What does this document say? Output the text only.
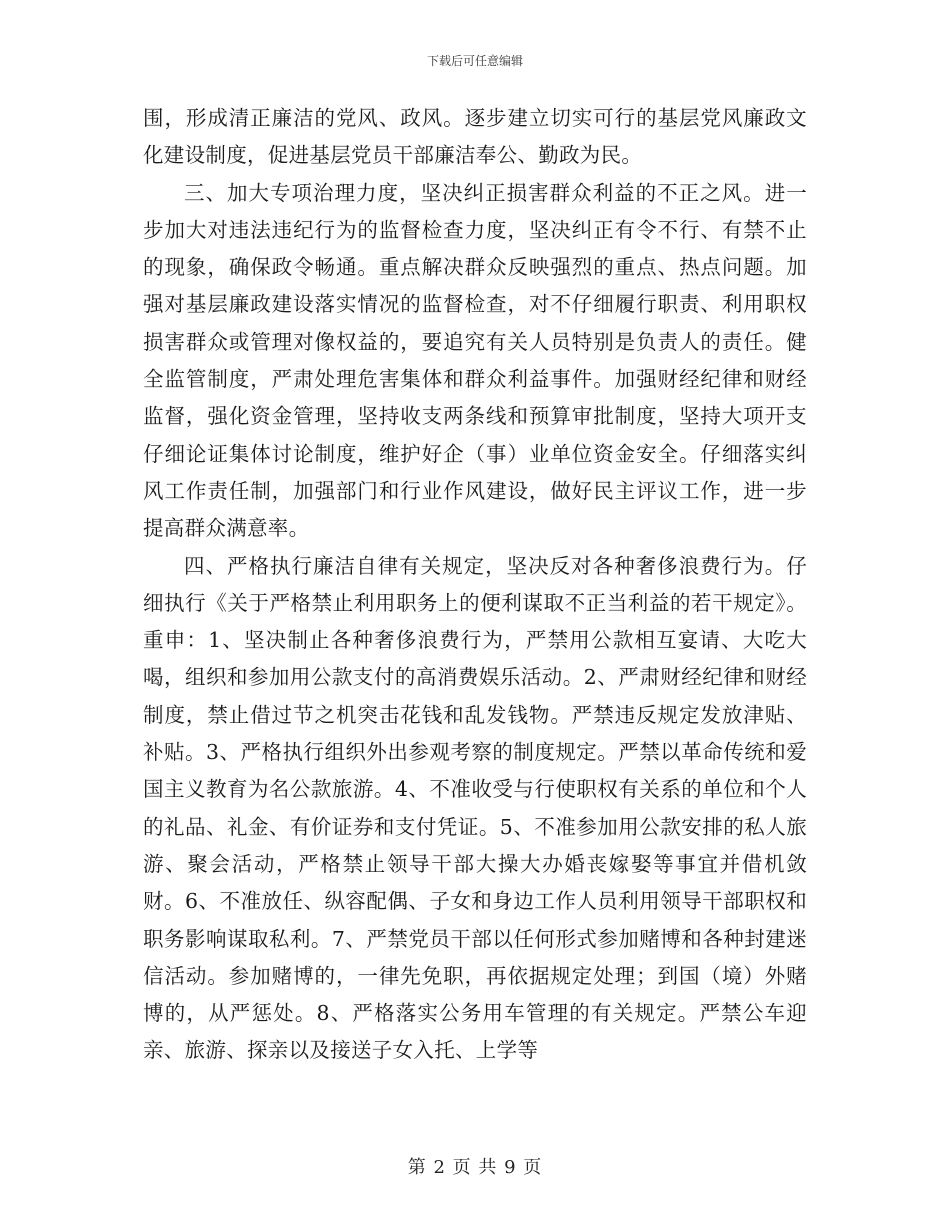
下载后可任意编辑

围，形成清正廉洁的党风、政风。逐步建立切实可行的基层党风廉政文化建设制度，促进基层党员干部廉洁奉公、勤政为民。

三、加大专项治理力度，坚决纠正损害群众利益的不正之风。进一步加大对违法违纪行为的监督检查力度，坚决纠正有令不行、有禁不止的现象，确保政令畅通。重点解决群众反映强烈的重点、热点问题。加强对基层廉政建设落实情况的监督检查，对不仔细履行职责、利用职权损害群众或管理对像权益的，要追究有关人员特别是负责人的责任。健全监管制度，严肃处理危害集体和群众利益事件。加强财经纪律和财经监督，强化资金管理，坚持收支两条线和预算审批制度，坚持大项开支仔细论证集体讨论制度，维护好企（事）业单位资金安全。仔细落实纠风工作责任制，加强部门和行业作风建设，做好民主评议工作，进一步提高群众满意率。

四、严格执行廉洁自律有关规定，坚决反对各种奢侈浪费行为。仔细执行《关于严格禁止利用职务上的便利谋取不正当利益的若干规定》。重申：1、坚决制止各种奢侈浪费行为，严禁用公款相互宴请、大吃大喝，组织和参加用公款支付的高消费娱乐活动。2、严肃财经纪律和财经制度，禁止借过节之机突击花钱和乱发钱物。严禁违反规定发放津贴、补贴。3、严格执行组织外出参观考察的制度规定。严禁以革命传统和爱国主义教育为名公款旅游。4、不准收受与行使职权有关系的单位和个人的礼品、礼金、有价证券和支付凭证。5、不准参加用公款安排的私人旅游、聚会活动，严格禁止领导干部大操大办婚丧嫁娶等事宜并借机敛财。6、不准放任、纵容配偶、子女和身边工作人员利用领导干部职权和职务影响谋取私利。7、严禁党员干部以任何形式参加赌博和各种封建迷信活动。参加赌博的，一律先免职，再依据规定处理；到国（境）外赌博的，从严惩处。8、严格落实公务用车管理的有关规定。严禁公车迎亲、旅游、探亲以及接送子女入托、上学等

第 2 页 共 9 页
